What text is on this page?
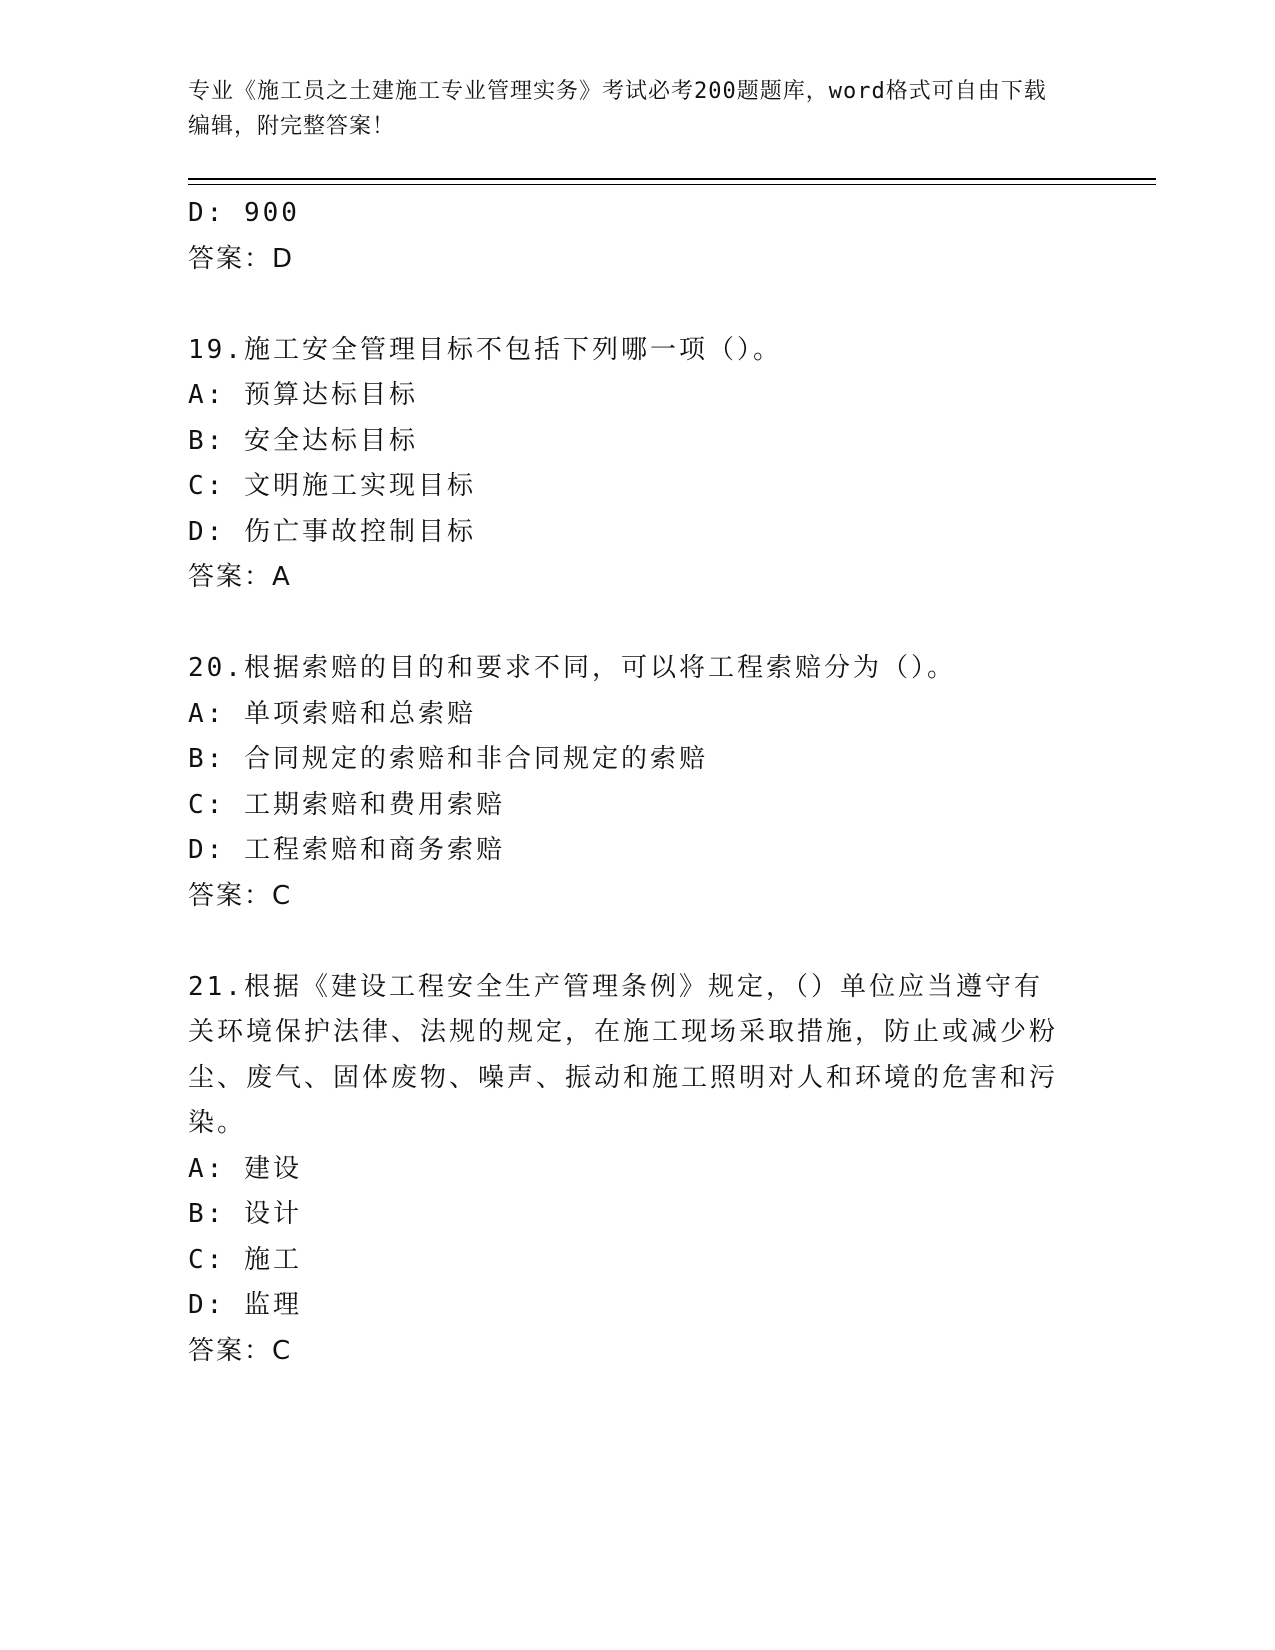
专业《施工员之土建施工专业管理实务》考试必考200题题库，word格式可自由下载编辑，附完整答案！
D: 900
答案：D
19.施工安全管理目标不包括下列哪一项（）。
A: 预算达标目标
B: 安全达标目标
C: 文明施工实现目标
D: 伤亡事故控制目标
答案：A
20.根据索赔的目的和要求不同，可以将工程索赔分为（）。
A: 单项索赔和总索赔
B: 合同规定的索赔和非合同规定的索赔
C: 工期索赔和费用索赔
D: 工程索赔和商务索赔
答案：C
21.根据《建设工程安全生产管理条例》规定，（）单位应当遵守有关环境保护法律、法规的规定，在施工现场采取措施，防止或减少粉尘、废气、固体废物、噪声、振动和施工照明对人和环境的危害和污染。
A: 建设
B: 设计
C: 施工
D: 监理
答案：C
